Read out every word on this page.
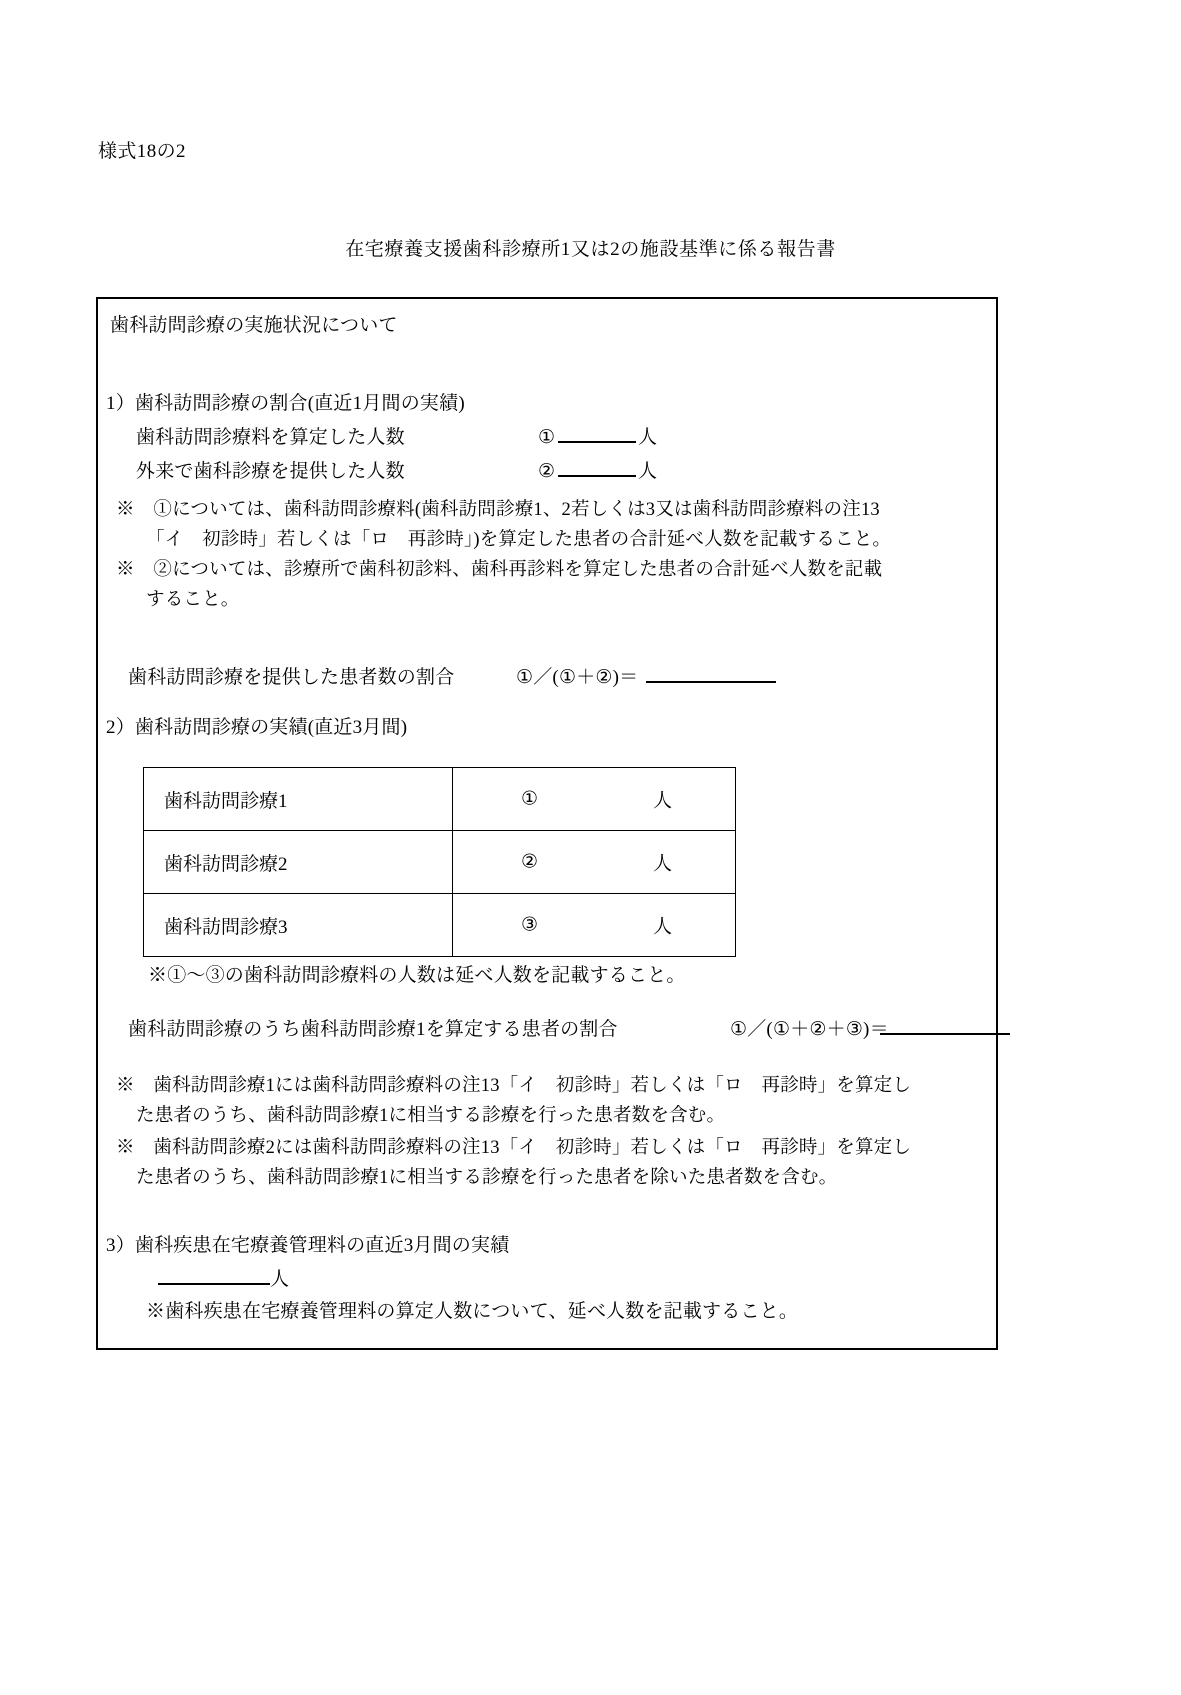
様式18の2
在宅療養支援歯科診療所1又は2の施設基準に係る報告書
歯科訪問診療の実施状況について
1）歯科訪問診療の割合(直近1月間の実績)
歯科訪問診療料を算定した人数	①	人
外来で歯科診療を提供した人数	②	人
※　①については、歯科訪問診療料(歯科訪問診療1、2若しくは3又は歯科訪問診療料の注13
「イ　初診時」若しくは「ロ　再診時」)を算定した患者の合計延べ人数を記載すること。
※　②については、診療所で歯科初診料、歯科再診料を算定した患者の合計延べ人数を記載
すること。
歯科訪問診療を提供した患者数の割合	①／(①＋②)＝
2）歯科訪問診療の実績(直近3月間)
歯科訪問診療1	① 人

歯科訪問診療2	② 人

歯科訪問診療3	③ 人
※①～③の歯科訪問診療料の人数は延べ人数を記載すること。
歯科訪問診療のうち歯科訪問診療1を算定する患者の割合	①／(①＋②＋③)＝
※　歯科訪問診療1には歯科訪問診療料の注13「イ　初診時」若しくは「ロ　再診時」を算定し
た患者のうち、歯科訪問診療1に相当する診療を行った患者数を含む。
※　歯科訪問診療2には歯科訪問診療料の注13「イ　初診時」若しくは「ロ　再診時」を算定し
た患者のうち、歯科訪問診療1に相当する診療を行った患者を除いた患者数を含む。
3）歯科疾患在宅療養管理料の直近3月間の実績
人
※歯科疾患在宅療養管理料の算定人数について、延べ人数を記載すること。
